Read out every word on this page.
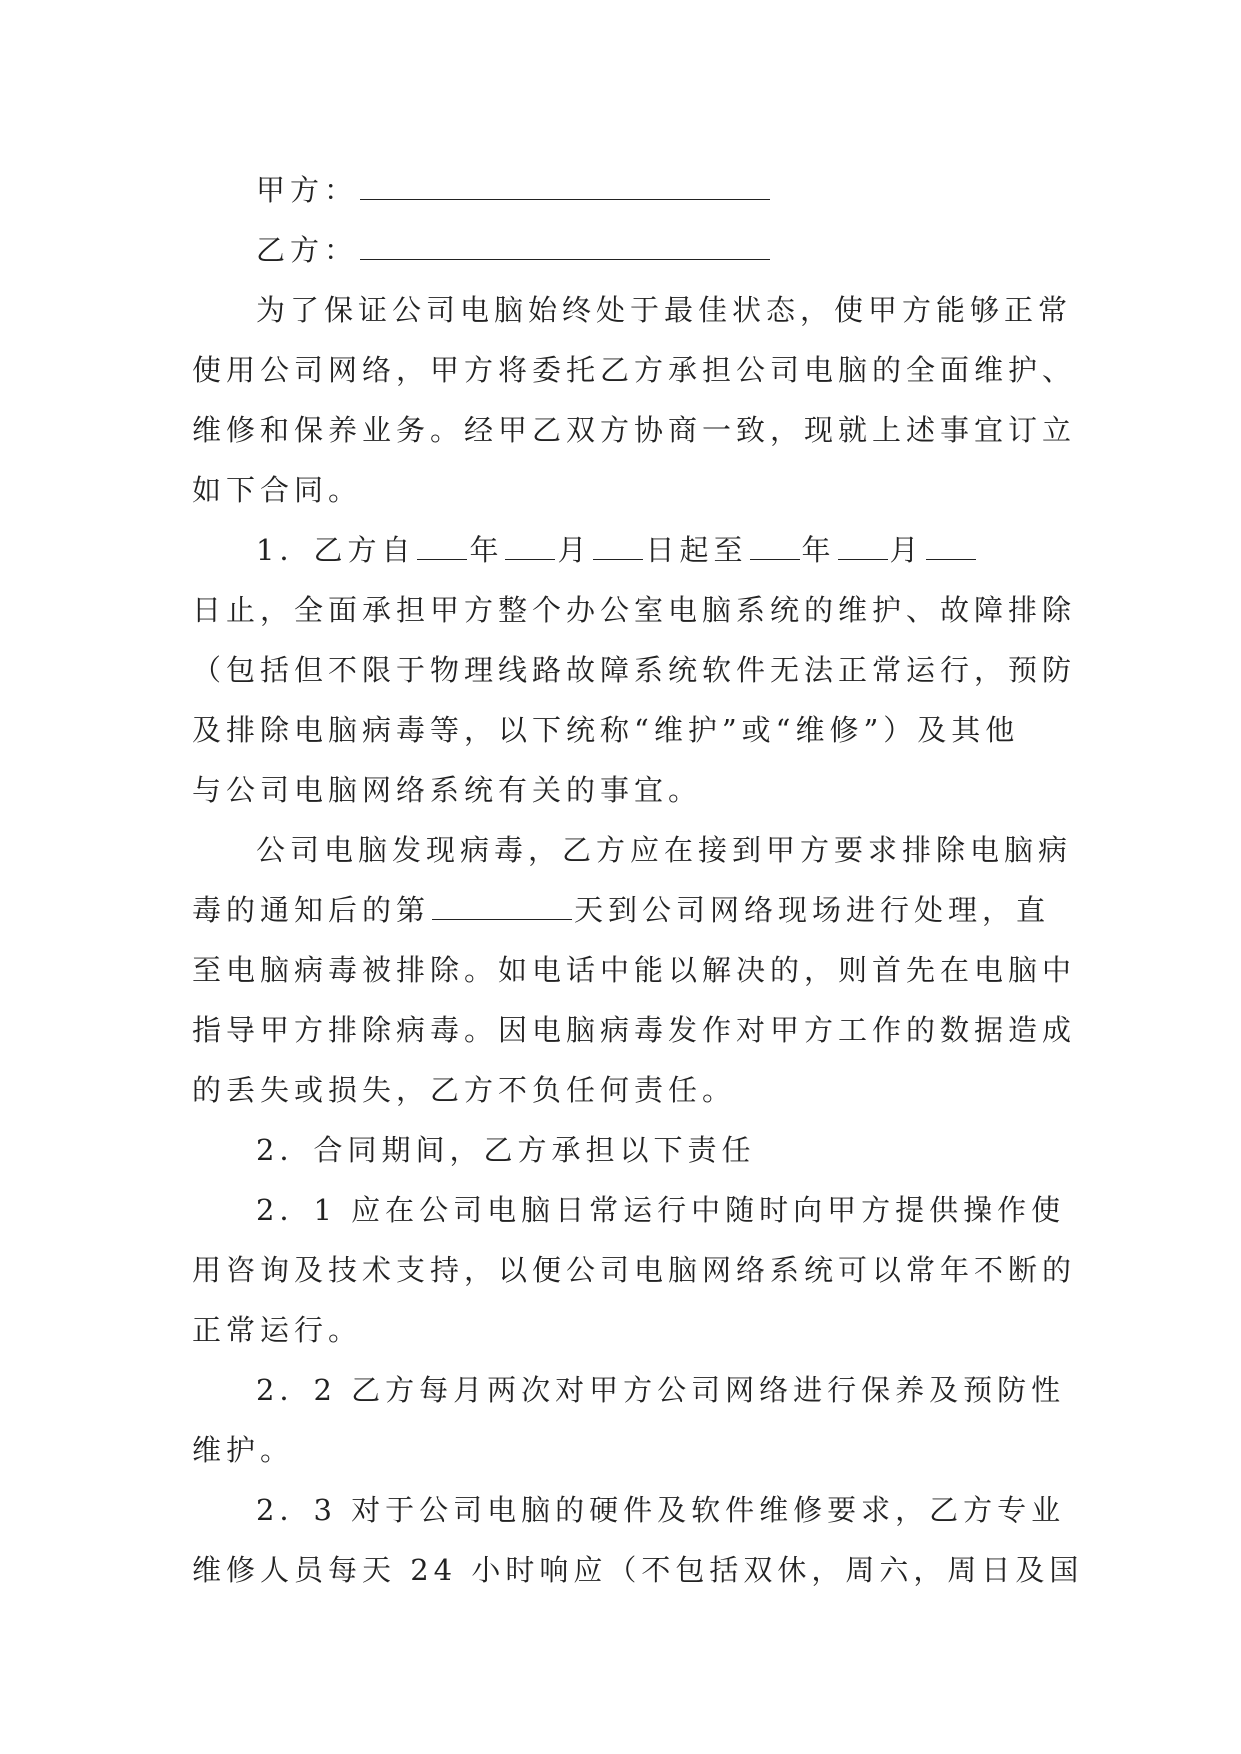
甲方：
乙方：
为了保证公司电脑始终处于最佳状态，使甲方能够正常
使用公司网络，甲方将委托乙方承担公司电脑的全面维护、
维修和保养业务。经甲乙双方协商一致，现就上述事宜订立
如下合同。
1．乙方自 年 月 日起至 年 月
日止，全面承担甲方整个办公室电脑系统的维护、故障排除
（包括但不限于物理线路故障系统软件无法正常运行，预防
及排除电脑病毒等，以下统称“维护”或“维修”）及其他
与公司电脑网络系统有关的事宜。
公司电脑发现病毒，乙方应在接到甲方要求排除电脑病
毒的通知后的第	天到公司网络现场进行处理，直
至电脑病毒被排除。如电话中能以解决的，则首先在电脑中
指导甲方排除病毒。因电脑病毒发作对甲方工作的数据造成
的丢失或损失，乙方不负任何责任。
2．合同期间，乙方承担以下责任
2．1 应在公司电脑日常运行中随时向甲方提供操作使
用咨询及技术支持，以便公司电脑网络系统可以常年不断的
正常运行。
2．2 乙方每月两次对甲方公司网络进行保养及预防性
维护。
2．3 对于公司电脑的硬件及软件维修要求，乙方专业
维修人员每天 24 小时响应（不包括双休，周六，周日及国
